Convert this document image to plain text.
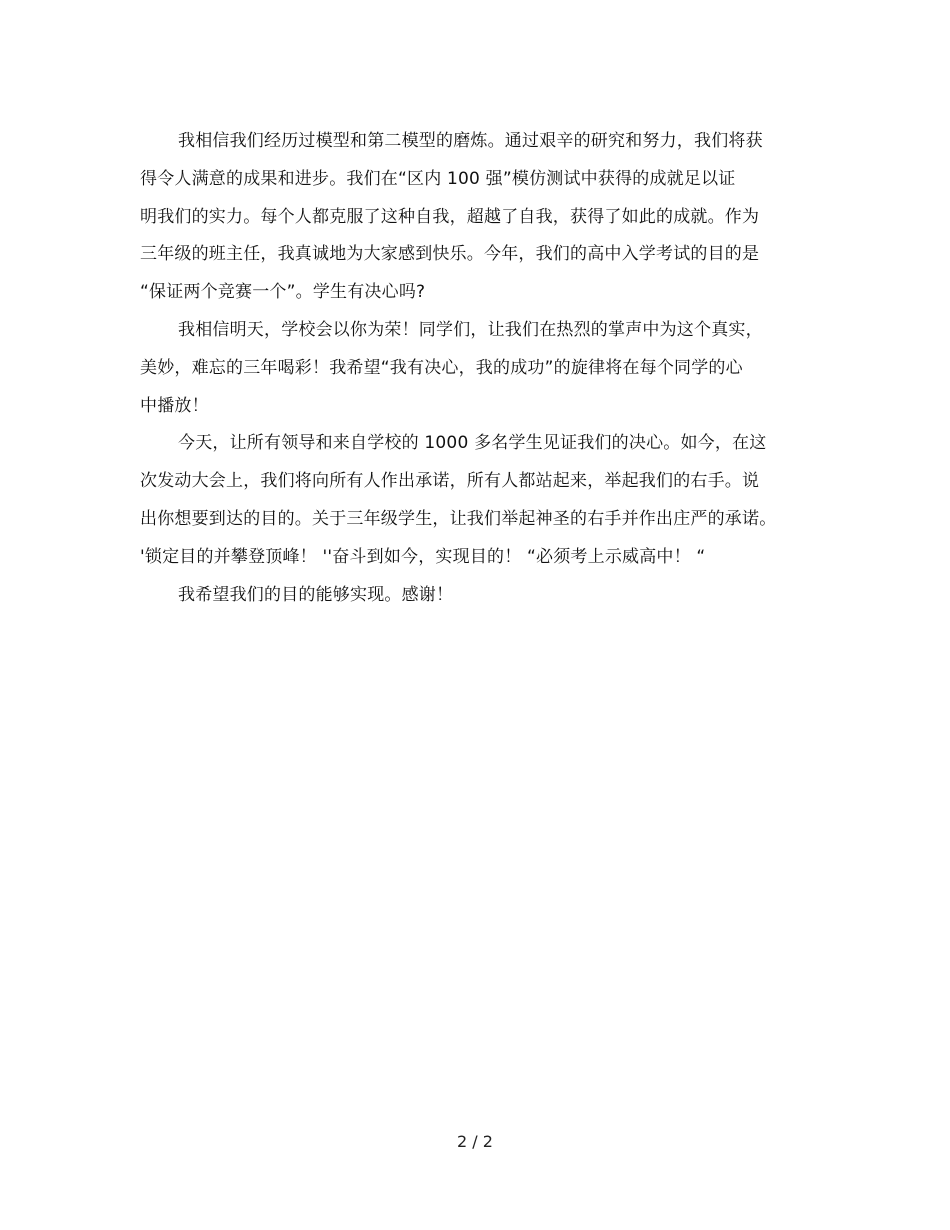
我相信我们经历过模型和第二模型的磨炼。通过艰辛的研究和努力，我们将获
得令人满意的成果和进步。我们在“区内 100 强”模仿测试中获得的成就足以证
明我们的实力。每个人都克服了这种自我，超越了自我，获得了如此的成就。作为
三年级的班主任，我真诚地为大家感到快乐。今年，我们的高中入学考试的目的是
“保证两个竞赛一个”。学生有决心吗?
我相信明天，学校会以你为荣！同学们，让我们在热烈的掌声中为这个真实，
美妙，难忘的三年喝彩！我希望“我有决心，我的成功”的旋律将在每个同学的心
中播放！
今天，让所有领导和来自学校的 1000 多名学生见证我们的决心。如今，在这
次发动大会上，我们将向所有人作出承诺，所有人都站起来，举起我们的右手。说
出你想要到达的目的。关于三年级学生，让我们举起神圣的右手并作出庄严的承诺。
'锁定目的并攀登顶峰！ ''奋斗到如今，实现目的！ “必须考上示威高中！ “
我希望我们的目的能够实现。感谢！
2 / 2
